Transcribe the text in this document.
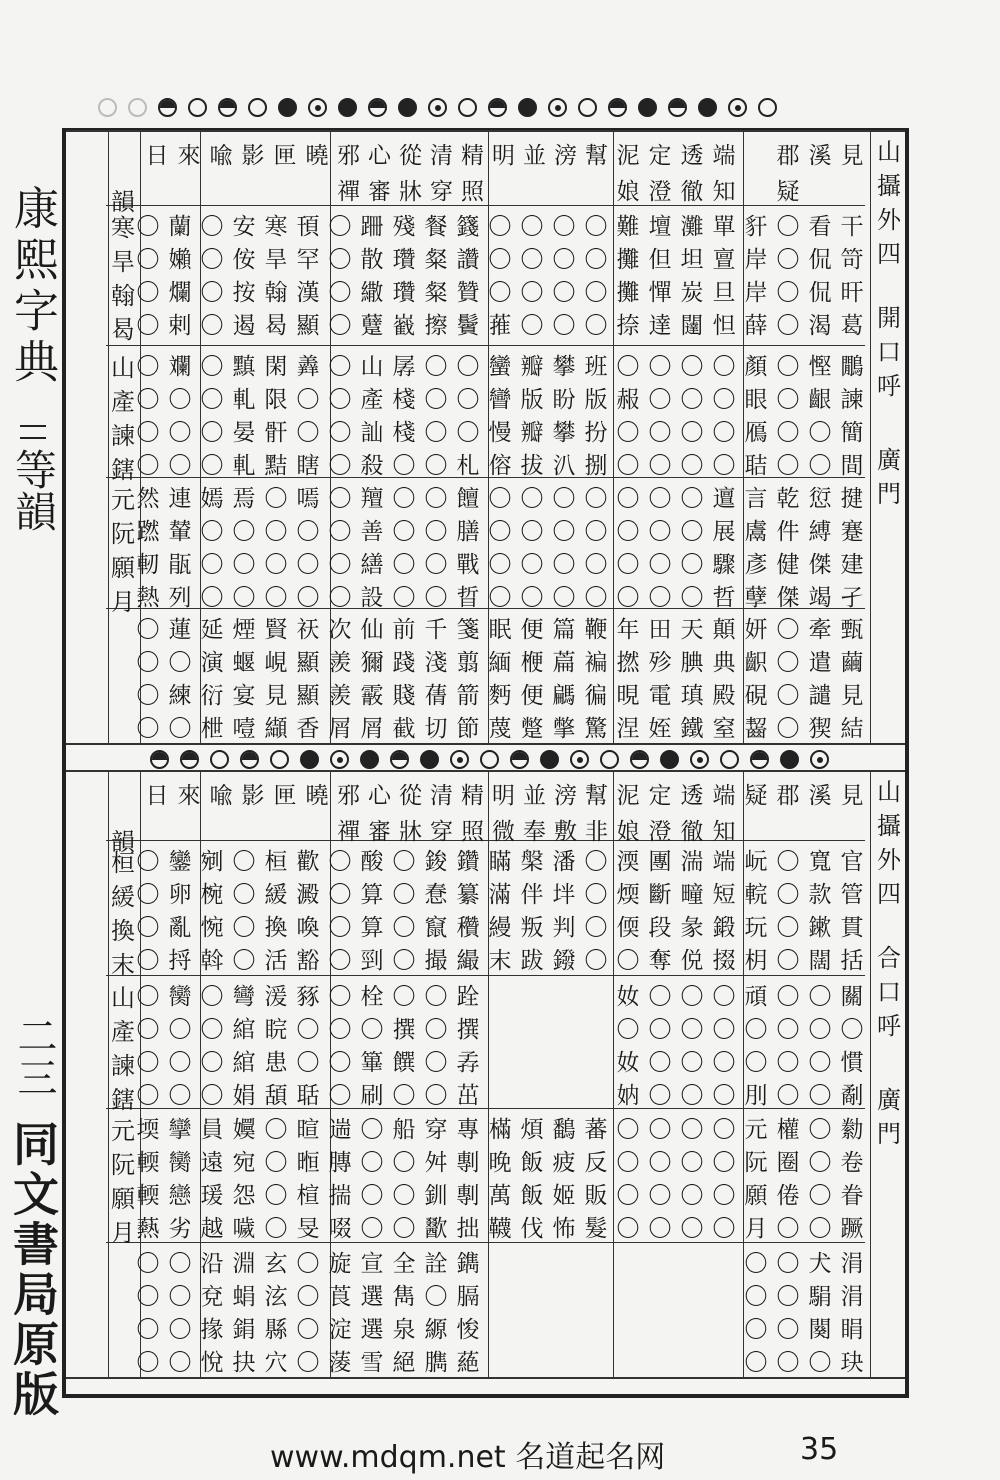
康熙字典
等韻
二三
同文書局原版
www.mdqm.net 名道起名网	35
見
溪
郡
疑
端
知
透
徹
定
澄
泥
娘
幫
滂
並
明
精
照
清
穿
從
牀
心
審
邪
禪
曉
匣
影
喩
來
日
韻
山
攝
外
四
開
口
呼
廣
門
寒
旱
翰
曷
干
笴
旰
葛
看
侃
侃
渴
〇
〇
〇
〇
豻
岸
岸
薛
單
亶
旦
怛
灘
坦
炭
闥
壇
但
憚
達
難
攤
攤
捺
〇
〇
〇
〇
〇
〇
〇
〇
〇
〇
〇
〇
〇
〇
〇
蓷
籛
讚
贊
鬢
餐
粲
粲
擦
殘
瓚
瓚
巀
跚
散
繖
躠
〇
〇
〇
〇
頇
罕
漢
顯
寒
旱
翰
曷
安
侒
按
遏
〇
〇
〇
〇
蘭
嬾
爛
剌
〇
〇
〇
〇
山
產
諫
鎋
鷳
諫
簡
間
慳
齦
〇
〇
〇
〇
〇
〇
顏
眼
鴈
聐
〇
〇
〇
〇
〇
〇
〇
〇
〇
〇
〇
〇
〇
赧
〇
〇
班
版
扮
捌
攀
盼
攀
汃
瓣
版
瓣
拔
蠻
矕
慢
傛
〇
〇
〇
札
〇
〇
〇
〇
孱
棧
棧
〇
山
產
訕
殺
〇
〇
〇
〇
羴
〇
〇
瞎
閑
限
骭
黠
黰
軋
晏
軋
〇
〇
〇
〇
斕
〇
〇
〇
〇
〇
〇
〇
元
阮
願
月
揵
蹇
建
孑
愆
縛
傑
竭
乾
件
健
傑
言
鬳
彥
孽
邅
展
驟
哲
〇
〇
〇
〇
〇
〇
〇
〇
〇
〇
〇
〇
〇
〇
〇
〇
〇
〇
〇
〇
〇
〇
〇
〇
〇
〇
〇
〇
饘
膳
戰
晢
〇
〇
〇
〇
〇
〇
〇
〇
羶
善
繕
設
〇
〇
〇
〇
嘕
〇
〇
〇
〇
〇
〇
〇
焉
〇
〇
〇
嫣
〇
〇
〇
連
輦
瓹
列
然
蹨
軔
熱
甄
繭
見
結
牽
遣
譴
猰
〇
〇
〇
〇
妍
齞
硯
齧
顛
典
殿
窒
天
腆
瑱
鐵
田
殄
電
姪
年
撚
晛
涅
鞭
褊
徧
驚
篇
萹
騗
撆
便
楩
便
蹩
眠
緬
麪
蔑
箋
翦
箭
節
千
淺
蒨
切
前
踐
賤
截
仙
獮
霰
屑
次
羨
羨
屑
祆
顯
顯
香
賢
峴
見
纈
煙
蝘
宴
噎
延
演
衍
枻
蓮
〇
練
〇
〇
〇
〇
〇
見
溪
郡
疑
端
知
透
徹
定
澄
泥
娘
幫
非
滂
敷
並
奉
明
微
精
照
清
穿
從
牀
心
審
邪
禪
曉
匣
影
喩
來
日
韻
山
攝
外
四
合
口
呼
廣
門
桓
緩
換
末
官
管
貫
括
寬
款
鏉
闊
〇
〇
〇
〇
岏
輐
玩
枂
端
短
鍛
掇
湍
疃
彖
侻
團
斷
段
奪
渜
煗
偄
〇
〇
〇
〇
〇
潘
坢
判
鏺
槃
伴
叛
跋
瞞
滿
縵
末
鑽
纂
穳
繓
鋑
惷
竄
撮
〇
〇
〇
〇
酸
算
算
剄
〇
〇
〇
〇
歡
澱
喚
豁
桓
緩
換
活
〇
〇
〇
〇
剜
椀
惋
斡
鑾
卵
亂
捋
〇
〇
〇
〇
山
產
諫
鎋
關
〇
慣
劀
〇
〇
〇
〇
〇
〇
〇
〇
頑
〇
〇
刖
〇
〇
〇
〇
〇
〇
〇
〇
〇
〇
〇
〇
奻
〇
奻
妠
跧
撰
孨
茁
〇
〇
〇
〇
〇
撰
饌
〇
栓
〇
篳
刷
〇
〇
〇
〇
豩
〇
〇
聒
湲
睆
患
頢
彎
綰
綰
娟
〇
〇
〇
〇
臠
〇
〇
〇
〇
〇
〇
〇
元
阮
願
月
勬
卷
眷
蹶
〇
〇
〇
〇
權
圈
倦
〇
元
阮
願
月
〇
〇
〇
〇
〇
〇
〇
〇
〇
〇
〇
〇
〇
〇
〇
〇
蕃
反
販
髮
鷭
疲
姬
怖
煩
飯
飯
伐
樠
晚
萬
韈
專
剸
剸
拙
穿
舛
釧
歠
船
〇
〇
〇
〇
〇
〇
〇
遄
膞
揣
啜
暄
暅
楦
旻
〇
〇
〇
〇
嬽
宛
怨
噦
員
遠
瑗
越
攣
臠
戀
劣
堧
輭
輭
爇
涓
涓
睊
玦
犬
駽
闋
〇
〇
〇
〇
〇
〇
〇
〇
〇
鐫
膈
悛
蕝
詮
〇
縓
臇
全
雋
泉
絕
宣
選
選
雪
旋
莨
淀
蔆
〇
〇
〇
〇
玄
泫
縣
穴
淵
蜎
鋗
抉
沿
兗
掾
悅
〇
〇
〇
〇
〇
〇
〇
〇
